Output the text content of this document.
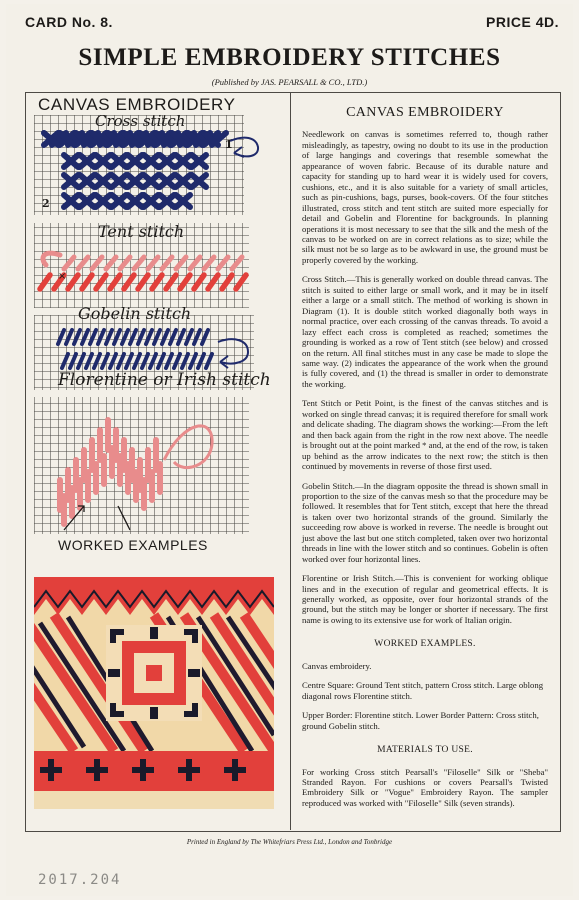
CARD No. 8.	PRICE 4D.
SIMPLE EMBROIDERY STITCHES
(Published by JAS. PEARSALL & CO., LTD.)
CANVAS EMBROIDERY
Cross stitch
1
2
×
Tent stitch
Gobelin stitch
Florentine or Irish stitch
WORKED EXAMPLES
CANVAS EMBROIDERY

Needlework on canvas is sometimes referred to, though rather misleadingly, as tapestry, owing no doubt to its use in the production of large hangings and coverings that resemble somewhat the appearance of woven fabric. Because of its durable nature and capacity for standing up to hard wear it is widely used for covers, cushions, etc., and it is also suitable for a variety of small articles, such as pin-cushions, bags, purses, book-covers. Of the four stitches illustrated, cross stitch and tent stitch are suited more especially for detail and Gobelin and Florentine for backgrounds. In planning operations it is most necessary to see that the silk and the mesh of the canvas to be worked on are in correct relations as to size; while the silk must not be so large as to be awkward in use, the ground must be properly covered by the working.

Cross Stitch.—This is generally worked on double thread canvas. The stitch is suited to either large or small work, and it may be in itself either a large or a small stitch. The method of working is shown in Diagram (1). It is double stitch worked diagonally both ways in normal practice, over each crossing of the canvas threads. To avoid a lazy effect each cross is completed as reached; sometimes the grounding is worked as a row of Tent stitch (see below) and crossed on the return. All final stitches must in any case be made to slope the same way. (2) indicates the appearance of the work when the ground is fully covered, and (1) the thread is smaller in order to demonstrate the working.

Tent Stitch or Petit Point, is the finest of the canvas stitches and is worked on single thread canvas; it is required therefore for small work and delicate shading. The diagram shows the working:—From the left and then back again from the right in the row next above. The needle is brought out at the point marked * and, at the end of the row, is taken up behind as the arrow indicates to the next row; the stitch is then continued by movements in reverse of those first used.

Gobelin Stitch.—In the diagram opposite the thread is shown small in proportion to the size of the canvas mesh so that the procedure may be followed. It resembles that for Tent stitch, except that here the thread is taken over two horizontal strands of the ground. Similarly the succeeding row above is worked in reverse. The needle is brought out just above the last but one stitch completed, taken over two horizontal threads in line with the lower stitch and so continues. Gobelin is often worked over four horizontal lines.

Florentine or Irish Stitch.—This is convenient for working oblique lines and in the execution of regular and geometrical effects. It is generally worked, as opposite, over four horizontal strands of the ground, but the stitch may be longer or shorter if necessary. The first name is owing to its extensive use for work of Italian origin.

WORKED EXAMPLES.

Canvas embroidery.

Centre Square: Ground Tent stitch, pattern Cross stitch. Large oblong diagonal rows Florentine stitch.

Upper Border: Florentine stitch. Lower Border Pattern: Cross stitch, ground Gobelin stitch.

MATERIALS TO USE.

For working Cross stitch Pearsall's "Filoselle" Silk or "Sheba" Stranded Rayon. For cushions or covers Pearsall's Twisted Embroidery Silk or "Vogue" Embroidery Rayon. The sampler reproduced was worked with "Filoselle" Silk (seven strands).

Printed in England by The Whitefriars Press Ltd., London and Tonbridge
2017.204
